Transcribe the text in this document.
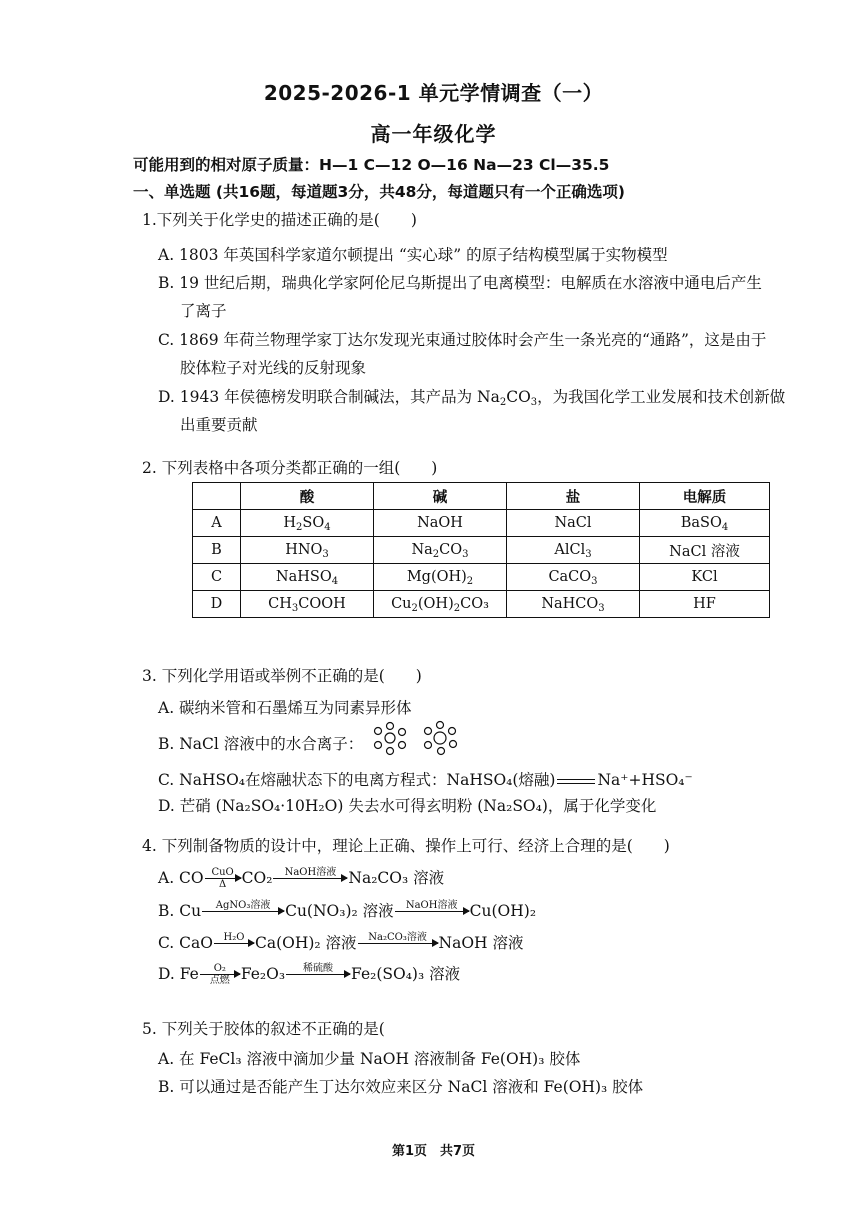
2025-2026-1 单元学情调查（一）
高一年级化学
可能用到的相对原子质量：H—1 C—12 O—16 Na—23 Cl—35.5
一、单选题 (共16题，每道题3分，共48分，每道题只有一个正确选项)
1.下列关于化学史的描述正确的是(　　)
A. 1803 年英国科学家道尔顿提出 “实心球” 的原子结构模型属于实物模型
B. 19 世纪后期，瑞典化学家阿伦尼乌斯提出了电离模型：电解质在水溶液中通电后产生
了离子
C. 1869 年荷兰物理学家丁达尔发现光束通过胶体时会产生一条光亮的“通路”，这是由于
胶体粒子对光线的反射现象
D. 1943 年侯德榜发明联合制碱法，其产品为 $Na_2CO_3$，为我国化学工业发展和技术创新做
出重要贡献
2. 下列表格中各项分类都正确的一组(　　)
	酸	碱	盐	电解质
A	$H_2SO_4$	NaOH	NaCl	BaSO$_4$
B	$HNO_3$	$Na_2CO_3$	AlCl$_3$	NaCl 溶液
C	NaHSO$_4$	$Mg(OH)_2$	CaCO$_3$	KCl
D	$CH_3COOH$	$Cu_2(OH)_2CO_3$	NaHCO$_3$	HF
3. 下列化学用语或举例不正确的是(　　)
A. 碳纳米管和石墨烯互为同素异形体
B. NaCl 溶液中的水合离子：
C. NaHSO₄在熔融状态下的电离方程式：NaHSO₄(熔融)	Na⁺+HSO₄⁻
D. 芒硝 (Na₂SO₄·10H₂O) 失去水可得玄明粉 (Na₂SO₄)，属于化学变化
4. 下列制备物质的设计中，理论上正确、操作上可行、经济上合理的是(　　)
A. CO CuO
Δ CO₂	NaOH溶液 Na₂CO₃ 溶液
B. Cu	AgNO₃溶液 Cu(NO₃)₂ 溶液	NaOH溶液 Cu(OH)₂
C. CaO	H₂O Ca(OH)₂ 溶液	Na₂CO₃溶液 NaOH 溶液
D. Fe	O₂
点燃 Fe₂O₃	稀硫酸	Fe₂(SO₄)₃ 溶液
5. 下列关于胶体的叙述不正确的是(
A. 在 FeCl₃ 溶液中滴加少量 NaOH 溶液制备 Fe(OH)₃ 胶体
B. 可以通过是否能产生丁达尔效应来区分 NaCl 溶液和 Fe(OH)₃ 胶体
第1页　共7页
